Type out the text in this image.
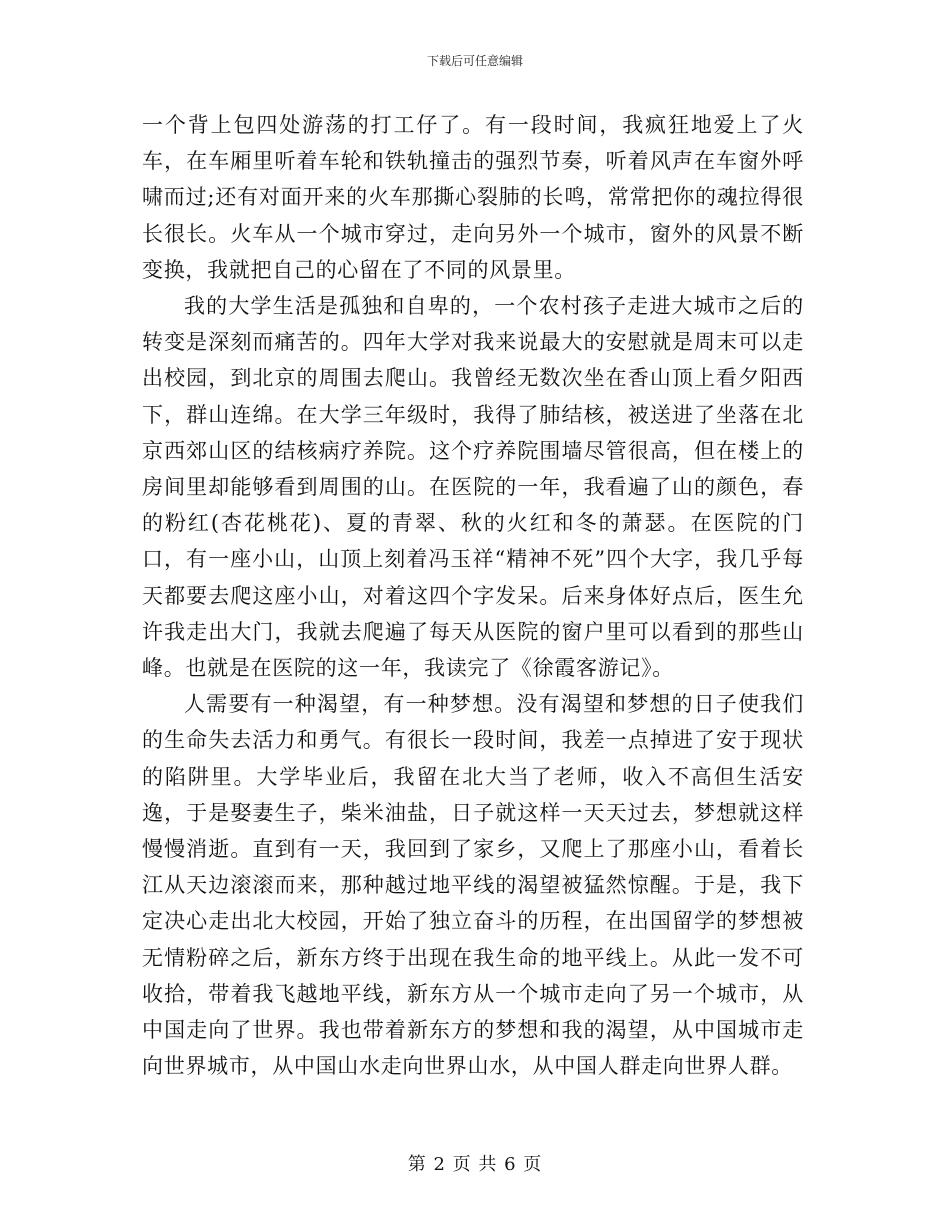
下载后可任意编辑

一个背上包四处游荡的打工仔了。有一段时间，我疯狂地爱上了火车，在车厢里听着车轮和铁轨撞击的强烈节奏，听着风声在车窗外呼啸而过;还有对面开来的火车那撕心裂肺的长鸣，常常把你的魂拉得很长很长。火车从一个城市穿过，走向另外一个城市，窗外的风景不断变换，我就把自己的心留在了不同的风景里。

我的大学生活是孤独和自卑的，一个农村孩子走进大城市之后的转变是深刻而痛苦的。四年大学对我来说最大的安慰就是周末可以走出校园，到北京的周围去爬山。我曾经无数次坐在香山顶上看夕阳西下，群山连绵。在大学三年级时，我得了肺结核，被送进了坐落在北京西郊山区的结核病疗养院。这个疗养院围墙尽管很高，但在楼上的房间里却能够看到周围的山。在医院的一年，我看遍了山的颜色，春的粉红(杏花桃花)、夏的青翠、秋的火红和冬的萧瑟。在医院的门口，有一座小山，山顶上刻着冯玉祥“精神不死”四个大字，我几乎每天都要去爬这座小山，对着这四个字发呆。后来身体好点后，医生允许我走出大门，我就去爬遍了每天从医院的窗户里可以看到的那些山峰。也就是在医院的这一年，我读完了《徐霞客游记》。

人需要有一种渴望，有一种梦想。没有渴望和梦想的日子使我们的生命失去活力和勇气。有很长一段时间，我差一点掉进了安于现状的陷阱里。大学毕业后，我留在北大当了老师，收入不高但生活安逸，于是娶妻生子，柴米油盐，日子就这样一天天过去，梦想就这样慢慢消逝。直到有一天，我回到了家乡，又爬上了那座小山，看着长江从天边滚滚而来，那种越过地平线的渴望被猛然惊醒。于是，我下定决心走出北大校园，开始了独立奋斗的历程，在出国留学的梦想被无情粉碎之后，新东方终于出现在我生命的地平线上。从此一发不可收拾，带着我飞越地平线，新东方从一个城市走向了另一个城市，从中国走向了世界。我也带着新东方的梦想和我的渴望，从中国城市走向世界城市，从中国山水走向世界山水，从中国人群走向世界人群。

第 2 页 共 6 页
